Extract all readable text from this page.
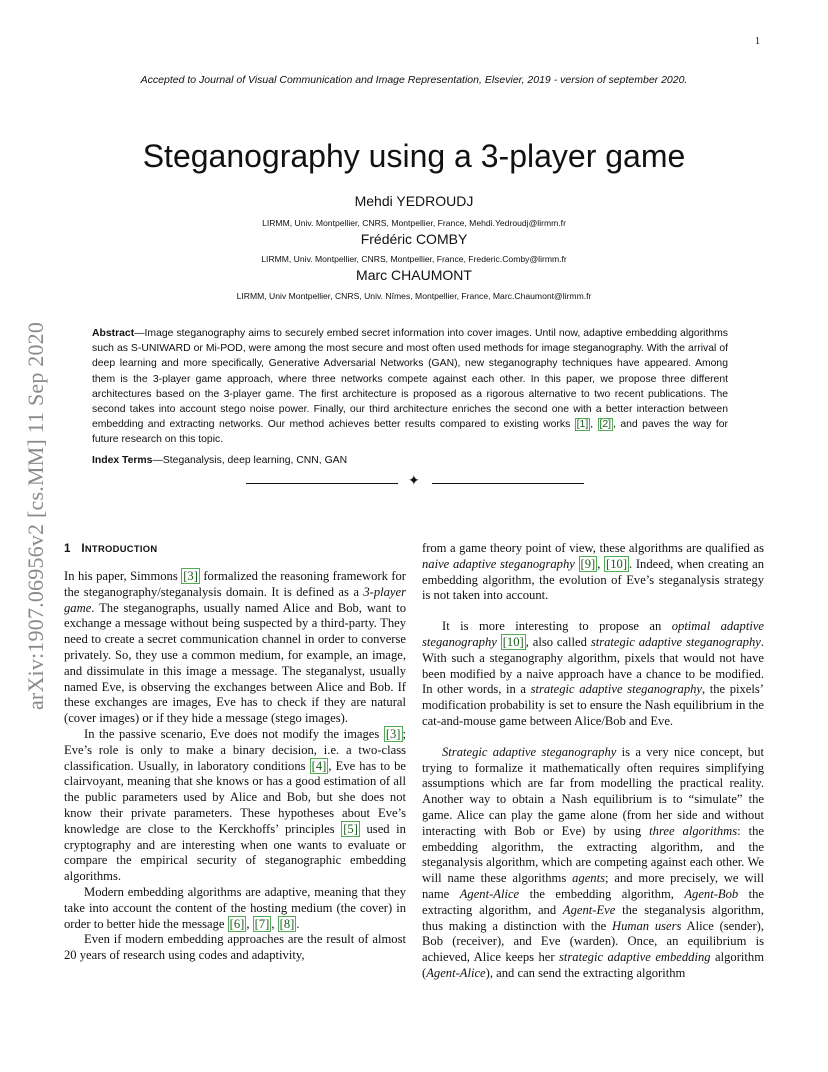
1
Accepted to Journal of Visual Communication and Image Representation, Elsevier, 2019 - version of september 2020.
Steganography using a 3-player game
Mehdi YEDROUDJ
LIRMM, Univ. Montpellier, CNRS, Montpellier, France, Mehdi.Yedroudj@lirmm.fr
Frédéric COMBY
LIRMM, Univ. Montpellier, CNRS, Montpellier, France, Frederic.Comby@lirmm.fr
Marc CHAUMONT
LIRMM, Univ Montpellier, CNRS, Univ. Nîmes, Montpellier, France, Marc.Chaumont@lirmm.fr
arXiv:1907.06956v2 [cs.MM] 11 Sep 2020	Abstract—Image steganography aims to securely embed secret information into cover images. Until now, adaptive embedding algorithms such as S-UNIWARD or Mi-POD, were among the most secure and most often used methods for image steganography. With the arrival of deep learning and more specifically, Generative Adversarial Networks (GAN), new steganography techniques have appeared. Among them is the 3-player game approach, where three networks compete against each other. In this paper, we propose three different architectures based on the 3-player game. The first architecture is proposed as a rigorous alternative to two recent publications. The second takes into account stego noise power. Finally, our third architecture enriches the second one with a better interaction between embedding and extracting networks. Our method achieves better results compared to existing works [1] , [2] , and paves the way for future research on this topic.
Index Terms—Steganalysis, deep learning, CNN, GAN
✦
1 INTRODUCTION

In his paper, Simmons [3] formalized the reasoning framework for the steganography/steganalysis domain. It is defined as a 3-player game. The steganographs, usually named Alice and Bob, want to exchange a message without being suspected by a third-party. They need to create a secret communication channel in order to converse privately. So, they use a common medium, for example, an image, and dissimulate in this image a message. The steganalyst, usually named Eve, is observing the exchanges between Alice and Bob. If these exchanges are images, Eve has to check if they are natural (cover images) or if they hide a message (stego images).

In the passive scenario, Eve does not modify the images [3] ; Eve’s role is only to make a binary decision, i.e. a two-class classification. Usually, in laboratory conditions [4] , Eve has to be clairvoyant, meaning that she knows or has a good estimation of all the public parameters used by Alice and Bob, but she does not know their private parameters. These hypotheses about Eve’s knowledge are close to the Kerckhoffs’ principles [5] used in cryptography and are interesting when one wants to evaluate or compare the empirical security of steganographic embedding algorithms.

Modern embedding algorithms are adaptive, meaning that they take into account the content of the hosting medium (the cover) in order to better hide the message [6] , [7] , [8] .

Even if modern embedding approaches are the result of almost 20 years of research using codes and adaptivity,

from a game theory point of view, these algorithms are qualified as naive adaptive steganography [9] , [10] . Indeed, when creating an embedding algorithm, the evolution of Eve’s steganalysis strategy is not taken into account.

It is more interesting to propose an optimal adaptive steganography [10] , also called strategic adaptive steganography. With such a steganography algorithm, pixels that would not have been modified by a naive approach have a chance to be modified. In other words, in a strategic adaptive steganography, the pixels’ modification probability is set to ensure the Nash equilibrium in the cat-and-mouse game between Alice/Bob and Eve.

Strategic adaptive steganography is a very nice concept, but trying to formalize it mathematically often requires simplifying assumptions which are far from modelling the practical reality. Another way to obtain a Nash equilibrium is to “simulate” the game. Alice can play the game alone (from her side and without interacting with Bob or Eve) by using three algorithms: the embedding algorithm, the extracting algorithm, and the steganalysis algorithm, which are competing against each other. We will name these algorithms agents; and more precisely, we will name Agent-Alice the embedding algorithm, Agent-Bob the extracting algorithm, and Agent-Eve the steganalysis algorithm, thus making a distinction with the Human users Alice (sender), Bob (receiver), and Eve (warden). Once, an equilibrium is achieved, Alice keeps her strategic adaptive embedding algorithm (Agent-Alice), and can send the extracting algorithm
